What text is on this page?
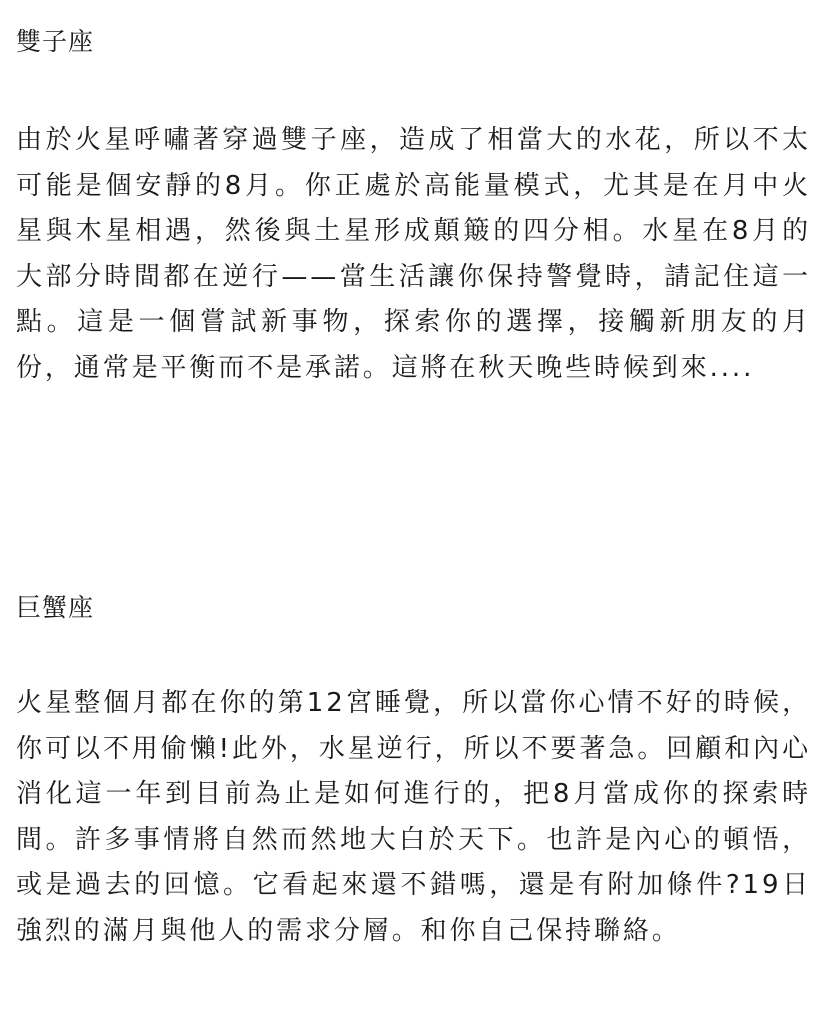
雙子座

由於火星呼嘯著穿過雙子座，造成了相當大的水花，所以不太可能是個安靜的8月。你正處於高能量模式，尤其是在月中火星與木星相遇，然後與土星形成顛簸的四分相。水星在8月的大部分時間都在逆行——當生活讓你保持警覺時，請記住這一點。這是一個嘗試新事物，探索你的選擇，接觸新朋友的月份，通常是平衡而不是承諾。這將在秋天晚些時候到來....

巨蟹座

火星整個月都在你的第12宮睡覺，所以當你心情不好的時候，你可以不用偷懶!此外，水星逆行，所以不要著急。回顧和內心消化這一年到目前為止是如何進行的，把8月當成你的探索時間。許多事情將自然而然地大白於天下。也許是內心的頓悟，或是過去的回憶。它看起來還不錯嗎，還是有附加條件?19日強烈的滿月與他人的需求分層。和你自己保持聯絡。
